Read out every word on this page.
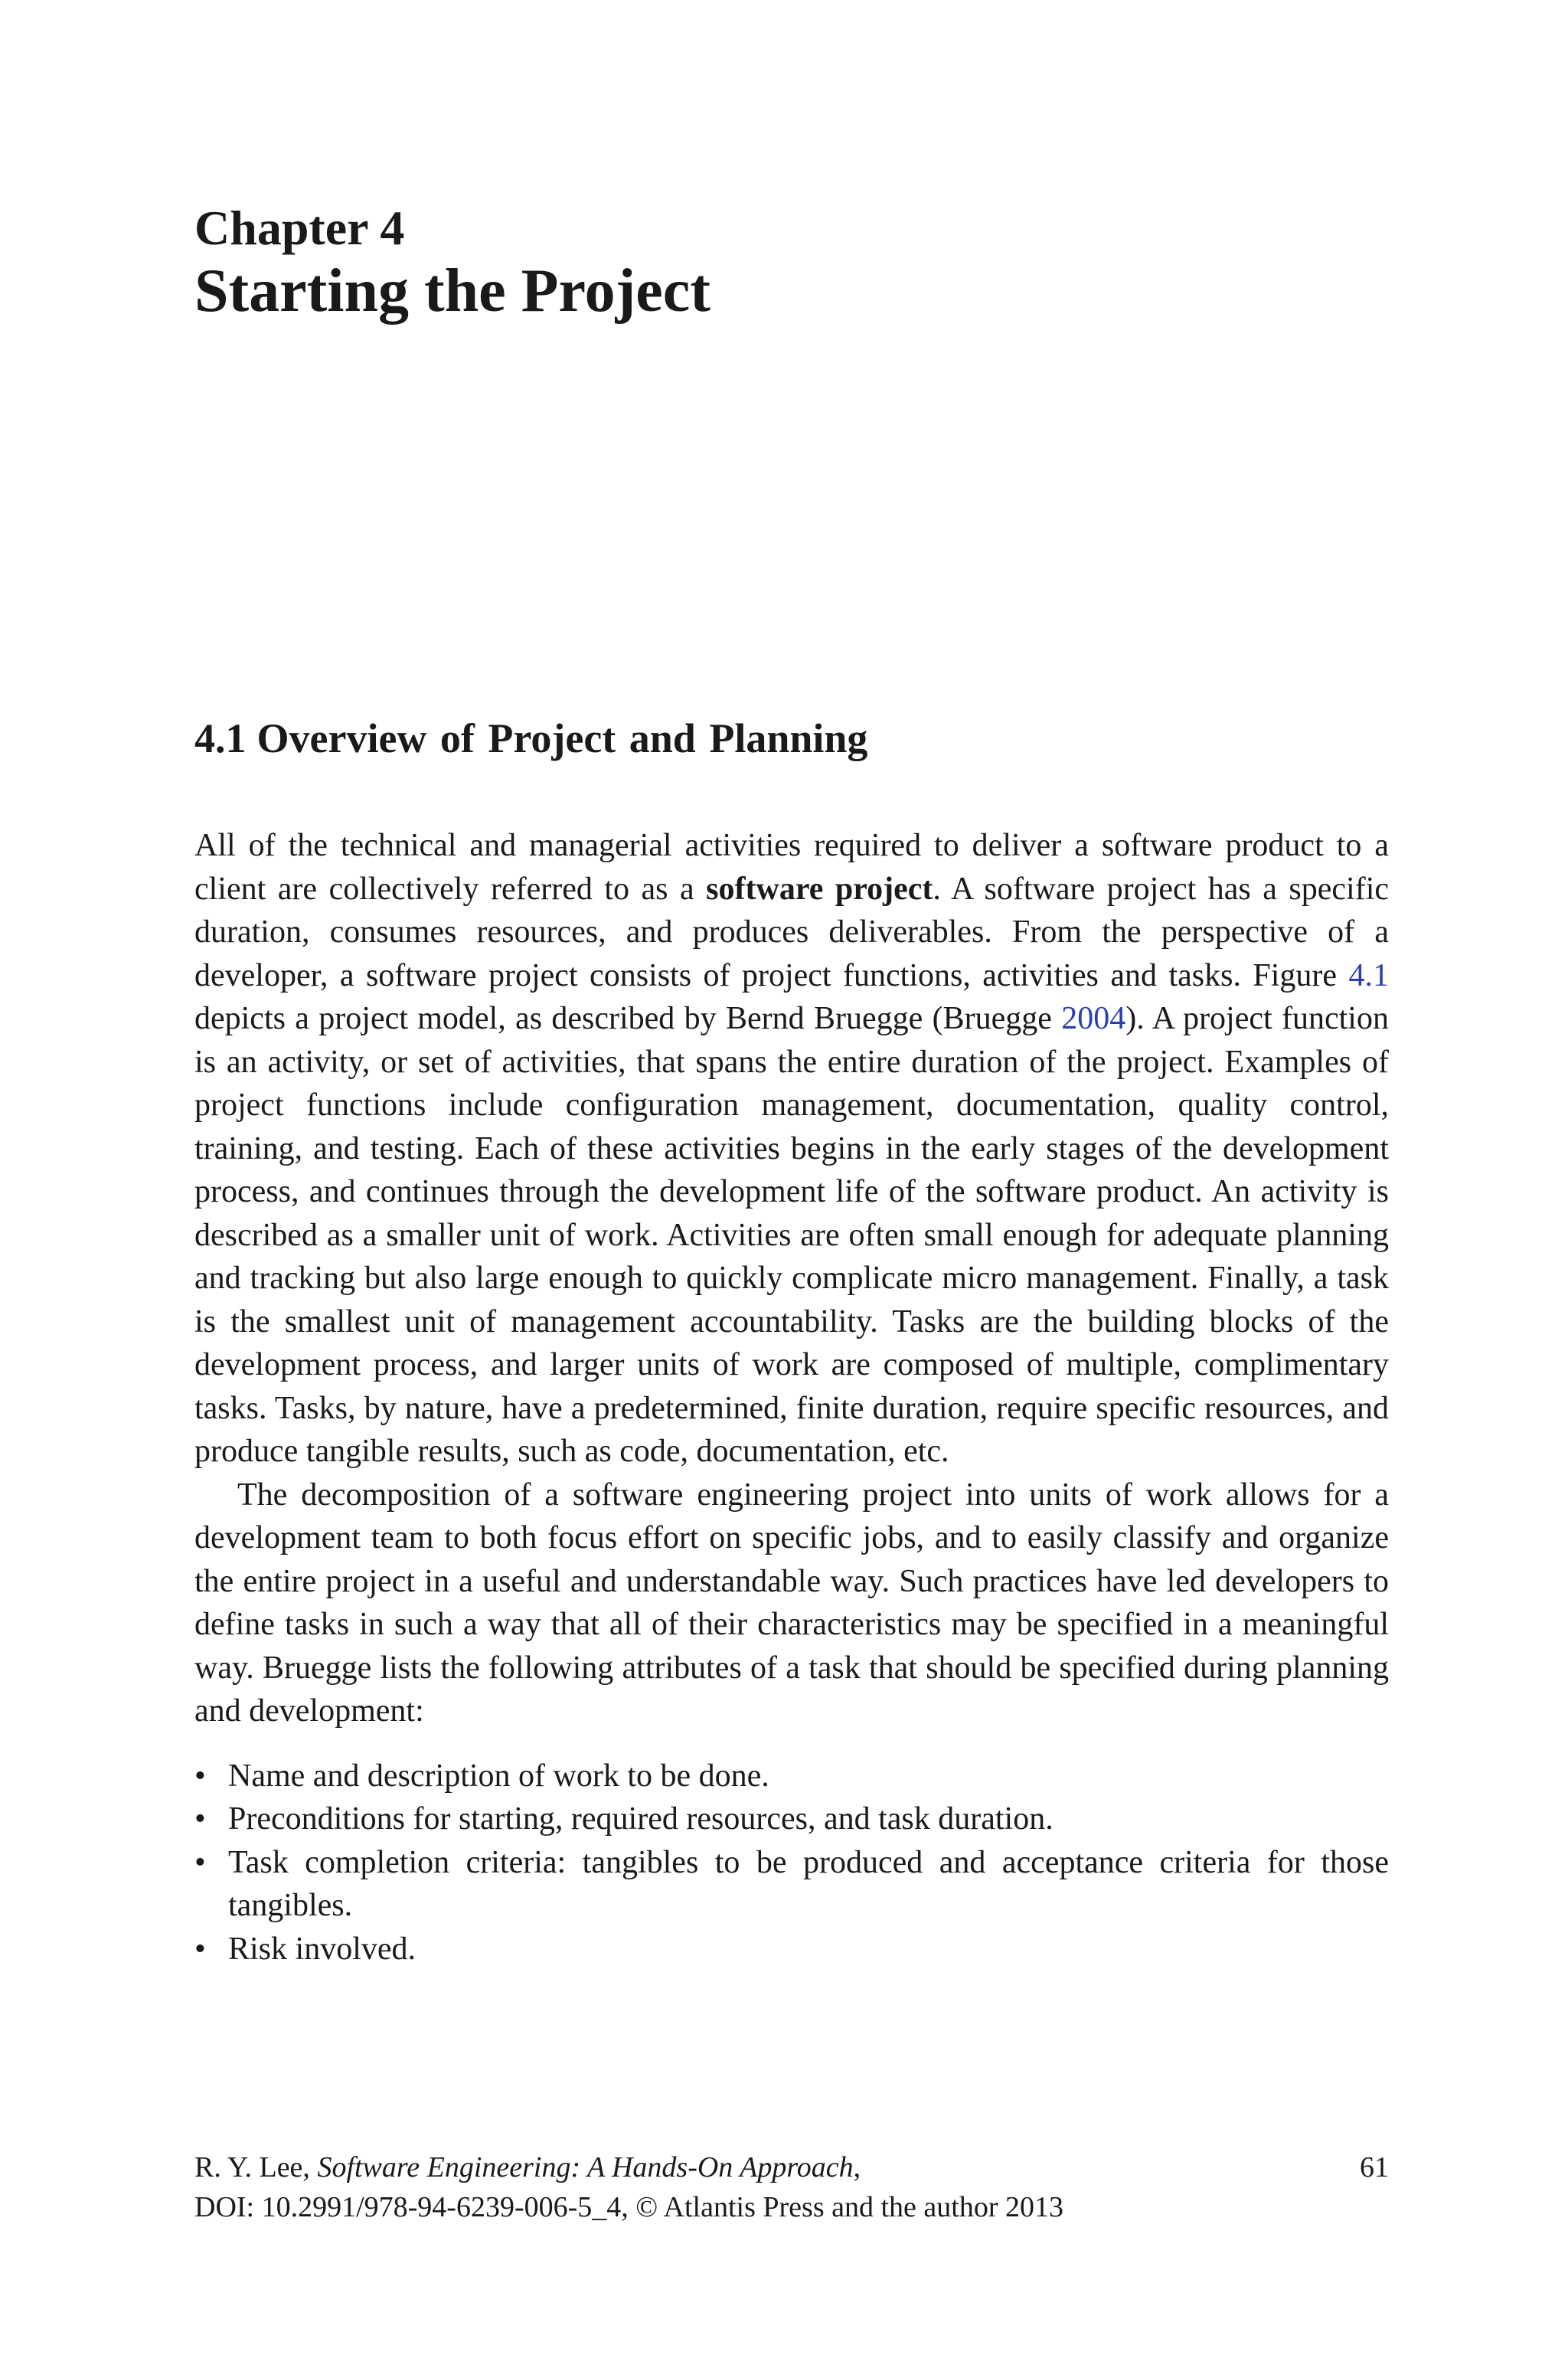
Chapter 4
Starting the Project
4.1 Overview of Project and Planning

All of the technical and managerial activities required to deliver a software product to a client are collectively referred to as a software project. A software project has a specific duration, consumes resources, and produces deliverables. From the perspective of a developer, a software project consists of project functions, activities and tasks. Figure 4.1 depicts a project model, as described by Bernd Bruegge (Bruegge 2004). A project function is an activity, or set of activities, that spans the entire duration of the project. Examples of project functions include configuration management, documentation, quality control, training, and testing. Each of these activities begins in the early stages of the development process, and continues through the development life of the software product. An activity is described as a smaller unit of work. Activities are often small enough for adequate planning and tracking but also large enough to quickly complicate micro management. Finally, a task is the smallest unit of management accountability. Tasks are the building blocks of the development process, and larger units of work are composed of multiple, complimentary tasks. Tasks, by nature, have a predetermined, finite duration, require specific resources, and produce tangible results, such as code, documentation, etc.

The decomposition of a software engineering project into units of work allows for a development team to both focus effort on specific jobs, and to easily classify and organize the entire project in a useful and understandable way. Such practices have led developers to define tasks in such a way that all of their characteristics may be specified in a meaningful way. Bruegge lists the following attributes of a task that should be specified during planning and development:

• Name and description of work to be done.
• Preconditions for starting, required resources, and task duration.
• Task completion criteria: tangibles to be produced and acceptance criteria for those tangibles.
• Risk involved.
R. Y. Lee, Software Engineering: A Hands-On Approach,	61
DOI: 10.2991/978-94-6239-006-5_4, © Atlantis Press and the author 2013
